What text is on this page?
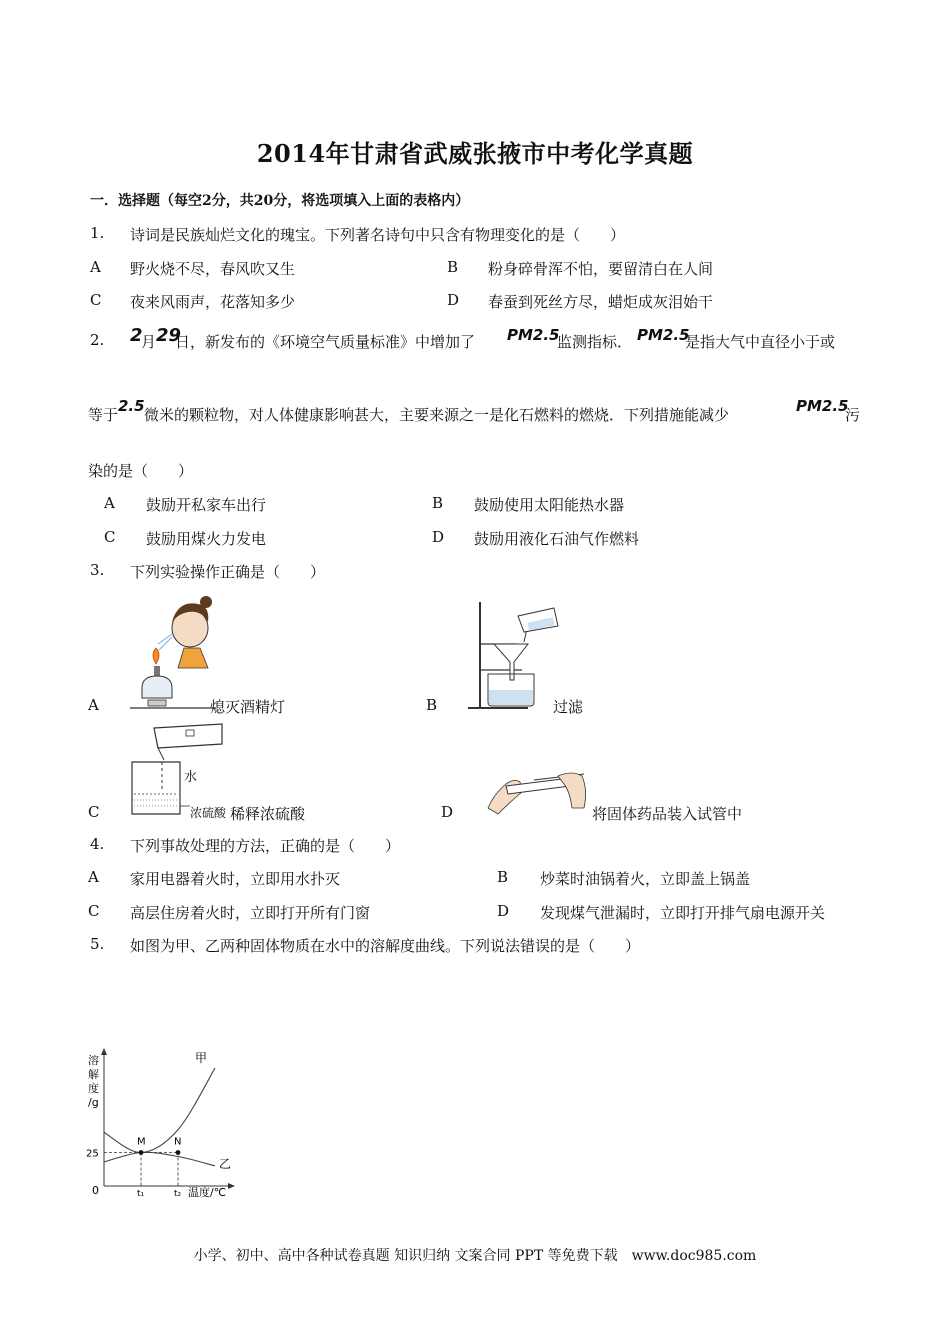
2014年甘肃省武威张掖市中考化学真题
一．选择题（每空2分，共20分，将选项填入上面的表格内）
1. 诗词是民族灿烂文化的瑰宝。下列著名诗句中只含有物理变化的是（　　）
A 野火烧不尽，春风吹又生	B 粉身碎骨浑不怕，要留清白在人间
C 夜来风雨声，花落知多少	D 春蚕到死丝方尽，蜡炬成灰泪始干
2. 2
月 29
日，新发布的《环境空气质量标准》中增加了 PM2.5
监测指标． PM2.5
是指大气中直径小于或
等于 2.5 微米的颗粒物，对人体健康影响甚大，主要来源之一是化石燃料的燃烧．下列措施能减少	PM2.5
污
染的是（　　）
A 鼓励开私家车出行	B 鼓励使用太阳能热水器
C 鼓励用煤火力发电	D 鼓励用液化石油气作燃料
3. 下列实验操作正确是（　　）
A	熄灭酒精灯	B	过滤
水
浓硫酸
C	稀释浓硫酸	D	将固体药品装入试管中
4. 下列事故处理的方法，正确的是（　　）
A 家用电器着火时，立即用水扑灭	B 炒菜时油锅着火，立即盖上锅盖
C 高层住房着火时，立即打开所有门窗	D 发现煤气泄漏时，立即打开排气扇电源开关
5. 如图为甲、乙两种固体物质在水中的溶解度曲线。下列说法错误的是（　　）
溶
解
度
/g
0	温度/℃
甲
乙
25
M
t₁
N
t₂
小学、初中、高中各种试卷真题 知识归纳 文案合同 PPT 等免费下载　www.doc985.com
